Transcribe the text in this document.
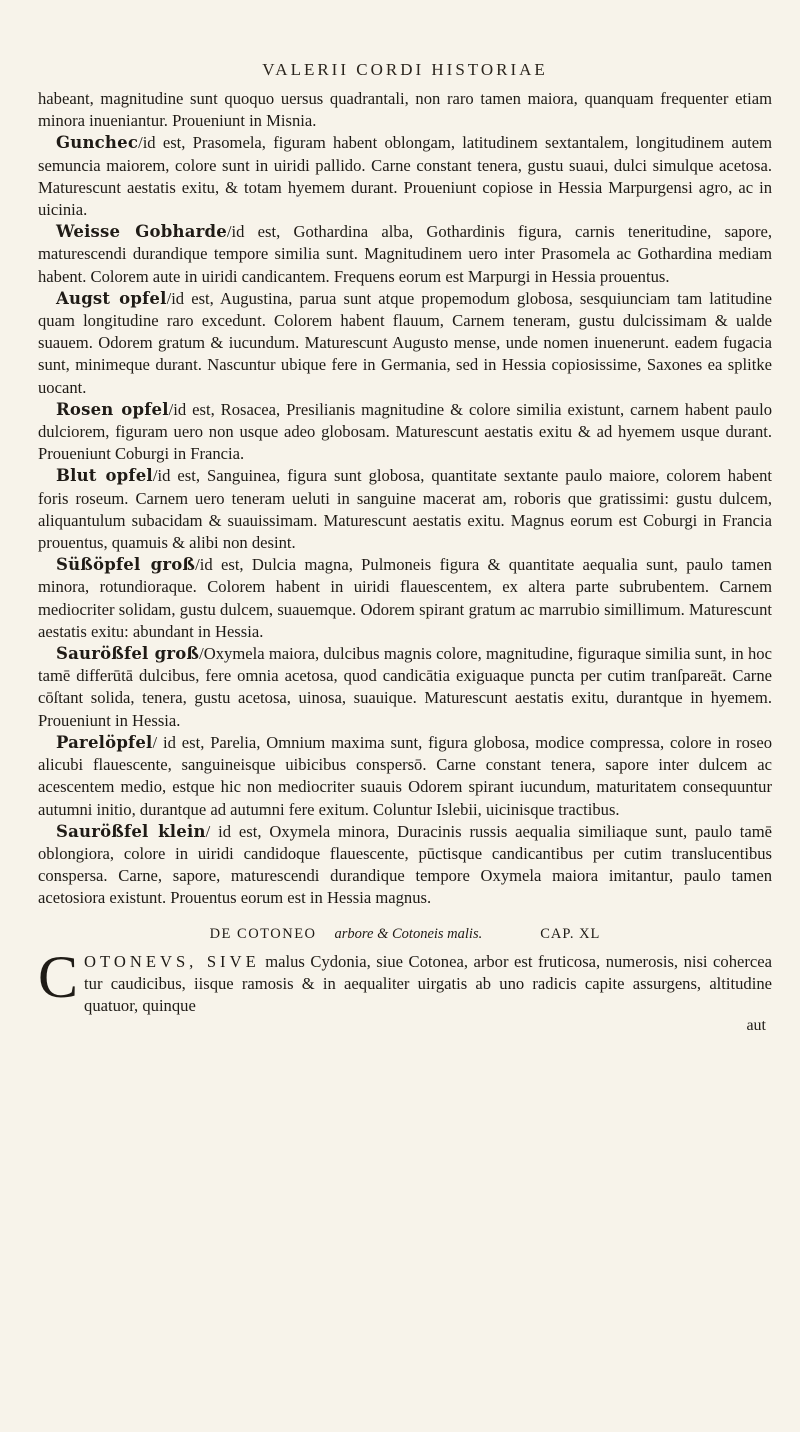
VALERII CORDI HISTORIAE

habeant, magnitudine sunt quoquo uersus quadrantali, non raro tamen maiora, quanquam frequenter etiam minora inueniantur. Proueniunt in Misnia.

Gunchec/id est, Prasomela, figuram habent oblongam, latitudinem sextantalem, longitudinem autem semuncia maiorem, colore sunt in uiridi pallido. Carne constant tenera, gustu suaui, dulci simulque acetosa. Maturescunt aestatis exitu, & totam hyemem durant. Proueniunt copiose in Hessia Marpurgensi agro, ac in uicinia.

Weisse Gobharde/id est, Gothardina alba, Gothardinis figura, carnis teneritudine, sapore, maturescendi durandique tempore similia sunt. Magnitudinem uero inter Prasomela ac Gothardina mediam habent. Colorem aute in uiridi candicantem. Frequens eorum est Marpurgi in Hessia prouentus.

Augst opfel/id est, Augustina, parua sunt atque propemodum globosa, sesquiunciam tam latitudine quam longitudine raro excedunt. Colorem habent flauum, Carnem teneram, gustu dulcissimam & ualde suauem. Odorem gratum & iucundum. Maturescunt Augusto mense, unde nomen inuenerunt. eadem fugacia sunt, minimeque durant. Nascuntur ubique fere in Germania, sed in Hessia copiosissime, Saxones ea splitke uocant.

Rosen opfel/id est, Rosacea, Presilianis magnitudine & colore similia existunt, carnem habent paulo dulciorem, figuram uero non usque adeo globosam. Maturescunt aestatis exitu & ad hyemem usque durant. Proueniunt Coburgi in Francia.

Blut opfel/id est, Sanguinea, figura sunt globosa, quantitate sextante paulo maiore, colorem habent foris roseum. Carnem uero teneram ueluti in sanguine macerat am, roboris que gratissimi: gustu dulcem, aliquantulum subacidam & suauissimam. Maturescunt aestatis exitu. Magnus eorum est Coburgi in Francia prouentus, quamuis & alibi non desint.

Süßöpfel groß/id est, Dulcia magna, Pulmoneis figura & quantitate aequalia sunt, paulo tamen minora, rotundioraque. Colorem habent in uiridi flauescentem, ex altera parte subrubentem. Carnem mediocriter solidam, gustu dulcem, suauemque. Odorem spirant gratum ac marrubio simillimum. Maturescunt aestatis exitu: abundant in Hessia.

Saurößfel groß/Oxymela maiora, dulcibus magnis colore, magnitudine, figuraque similia sunt, in hoc tamē differūtā dulcibus, fere omnia acetosa, quod candicātia exiguaque puncta per cutim tranſpareāt. Carne cōſtant solida, tenera, gustu acetosa, uinosa, suauique. Maturescunt aestatis exitu, durantque in hyemem. Proueniunt in Hessia.

Parelöpfel/ id est, Parelia, Omnium maxima sunt, figura globosa, modice compressa, colore in roseo alicubi flauescente, sanguineisque uibicibus conspersō. Carne constant tenera, sapore inter dulcem ac acescentem medio, estque hic non mediocriter suauis Odorem spirant iucundum, maturitatem consequuntur autumni initio, durantque ad autumni fere exitum. Coluntur Islebii, uicinisque tractibus.

Saurößfel klein/ id est, Oxymela minora, Duracinis russis aequalia similiaque sunt, paulo tamē oblongiora, colore in uiridi candidoque flauescente, pūctisque candicantibus per cutim translucentibus conspersa. Carne, sapore, maturescendi durandique tempore Oxymela maiora imitantur, paulo tamen acetosiora existunt. Prouentus eorum est in Hessia magnus.

DE COTONEO arbore & Cotoneis malis.	CAP. XL

COTONEVS, SIVE malus Cydonia, siue Cotonea, arbor est fruticosa, numerosis, nisi cohercea tur caudicibus, iisque ramosis & in aequaliter uirgatis ab uno radicis capite assurgens, altitudine quatuor, quinque

aut
